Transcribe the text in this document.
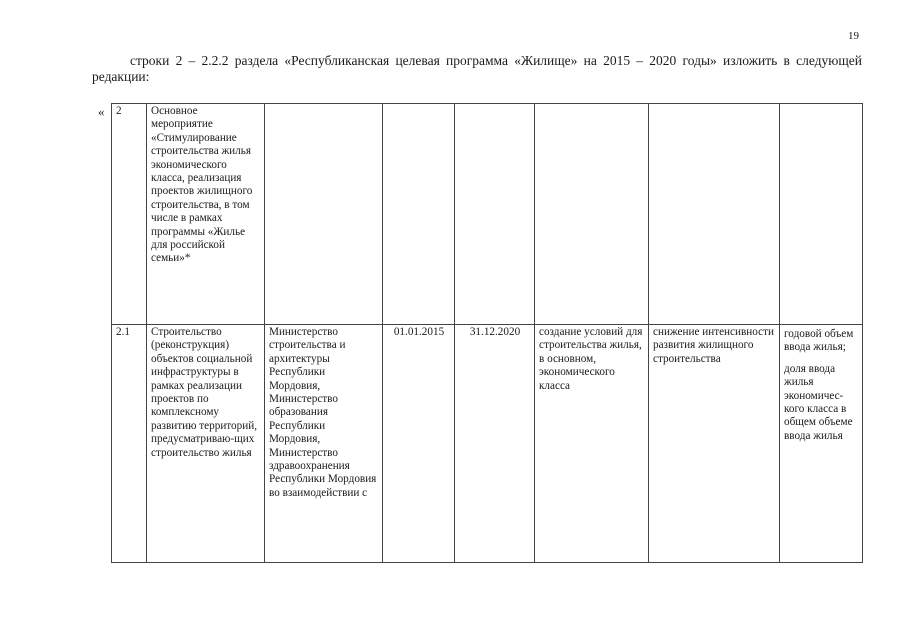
19
строки 2 – 2.2.2 раздела «Республиканская целевая программа «Жилище» на 2015 – 2020 годы» изложить в следующей редакции:
« 2	Основное мероприятие «Стимулирование строительства жилья экономического класса, реализация проектов жилищного строительства, в том числе в рамках программы «Жилье для российской семьи»*						
2.1	Строительство (реконструкция) объектов социальной инфраструктуры в рамках реализации проектов по комплексному развитию территорий, предусматриваю-щих строительство жилья	Министерство строительства и архитектуры Республики Мордовия, Министерство образования Республики Мордовия, Министерство здравоохранения Республики Мордовия во взаимодействии с	01.01.2015	31.12.2020	создание условий для строительства жилья, в основном, экономического класса	снижение интенсивности развития жилищного строительства	годовой объем ввода жилья;
доля ввода жилья экономичес-кого класса в общем объеме ввода жилья
